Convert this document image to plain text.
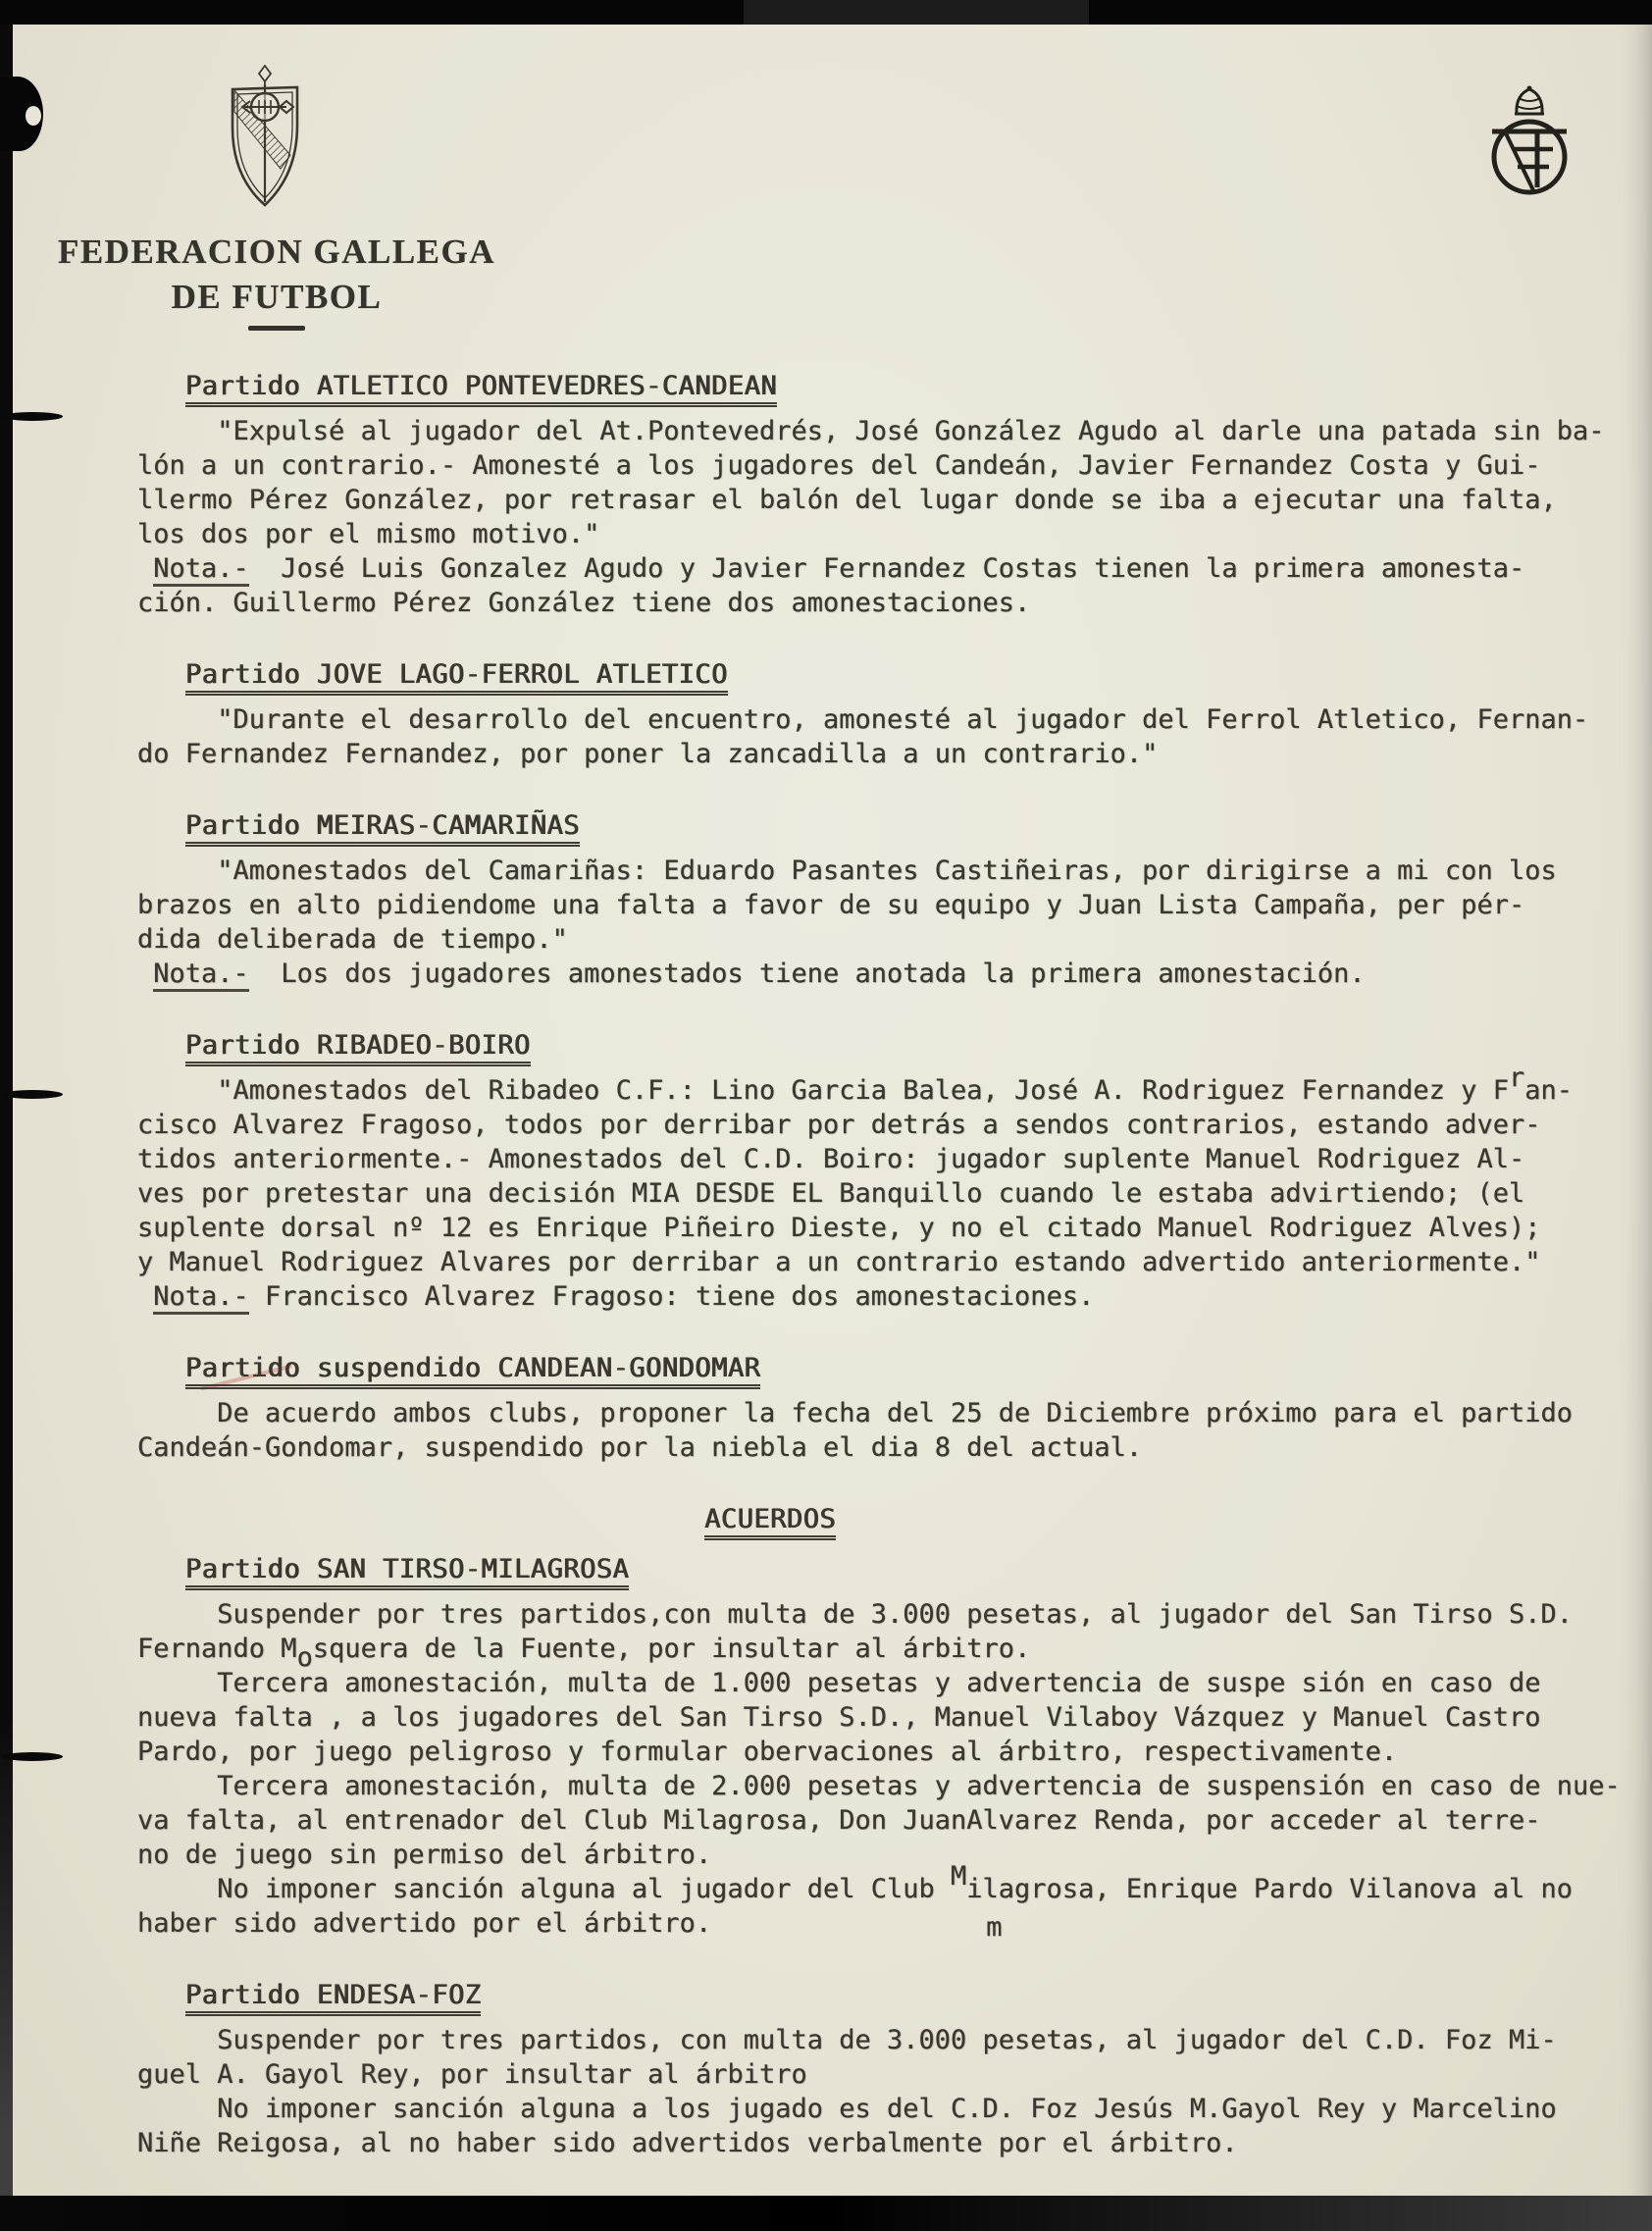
FEDERACION GALLEGA
DE FUTBOL
Partido ATLETICO PONTEVEDRES-CANDEAN
"Expulsé al jugador del At.Pontevedrés, José González Agudo al darle una patada sin ba-
lón a un contrario.- Amonesté a los jugadores del Candeán, Javier Fernandez Costa y Gui-
llermo Pérez González, por retrasar el balón del lugar donde se iba a ejecutar una falta,
los dos por el mismo motivo."
Nota.-  José Luis Gonzalez Agudo y Javier Fernandez Costas tienen la primera amonesta-
ción. Guillermo Pérez González tiene dos amonestaciones.
Partido JOVE LAGO-FERROL ATLETICO
"Durante el desarrollo del encuentro, amonesté al jugador del Ferrol Atletico, Fernan-
do Fernandez Fernandez, por poner la zancadilla a un contrario."
Partido MEIRAS-CAMARIÑAS
"Amonestados del Camariñas: Eduardo Pasantes Castiñeiras, por dirigirse a mi con los
brazos en alto pidiendome una falta a favor de su equipo y Juan Lista Campaña, per pér-
dida deliberada de tiempo."
Nota.-  Los dos jugadores amonestados tiene anotada la primera amonestación.
Partido RIBADEO-BOIRO
"Amonestados del Ribadeo C.F.: Lino Garcia Balea, José A. Rodriguez Fernandez y Fran-
cisco Alvarez Fragoso, todos por derribar por detrás a sendos contrarios, estando adver-
tidos anteriormente.- Amonestados del C.D. Boiro: jugador suplente Manuel Rodriguez Al-
ves por pretestar una decisión MIA DESDE EL Banquillo cuando le estaba advirtiendo; (el
suplente dorsal nº 12 es Enrique Piñeiro Dieste, y no el citado Manuel Rodriguez Alves);
y Manuel Rodriguez Alvares por derribar a un contrario estando advertido anteriormente."
Nota.- Francisco Alvarez Fragoso: tiene dos amonestaciones.
Partido suspendido CANDEAN-GONDOMAR
De acuerdo ambos clubs, proponer la fecha del 25 de Diciembre próximo para el partido
Candeán-Gondomar, suspendido por la niebla el dia 8 del actual.
ACUERDOS
Partido SAN TIRSO-MILAGROSA
Suspender por tres partidos,con multa de 3.000 pesetas, al jugador del San Tirso S.D.
Fernando Mosquera de la Fuente, por insultar al árbitro.
Tercera amonestación, multa de 1.000 pesetas y advertencia de suspe sión en caso de
nueva falta , a los jugadores del San Tirso S.D., Manuel Vilaboy Vázquez y Manuel Castro
Pardo, por juego peligroso y formular obervaciones al árbitro, respectivamente.
Tercera amonestación, multa de 2.000 pesetas y advertencia de suspensión en caso de nue-
va falta, al entrenador del Club Milagrosa, Don JuanAlvarez Renda, por acceder al terre-
no de juego sin permiso del árbitro.
No imponer sanción alguna al jugador del Club Milagrosa, Enrique Pardo Vilanova al no
haber sido advertido por el árbitro.	m
Partido ENDESA-FOZ
Suspender por tres partidos, con multa de 3.000 pesetas, al jugador del C.D. Foz Mi-
guel A. Gayol Rey, por insultar al árbitro
No imponer sanción alguna a los jugado es del C.D. Foz Jesús M.Gayol Rey y Marcelino
Niñe Reigosa, al no haber sido advertidos verbalmente por el árbitro.
